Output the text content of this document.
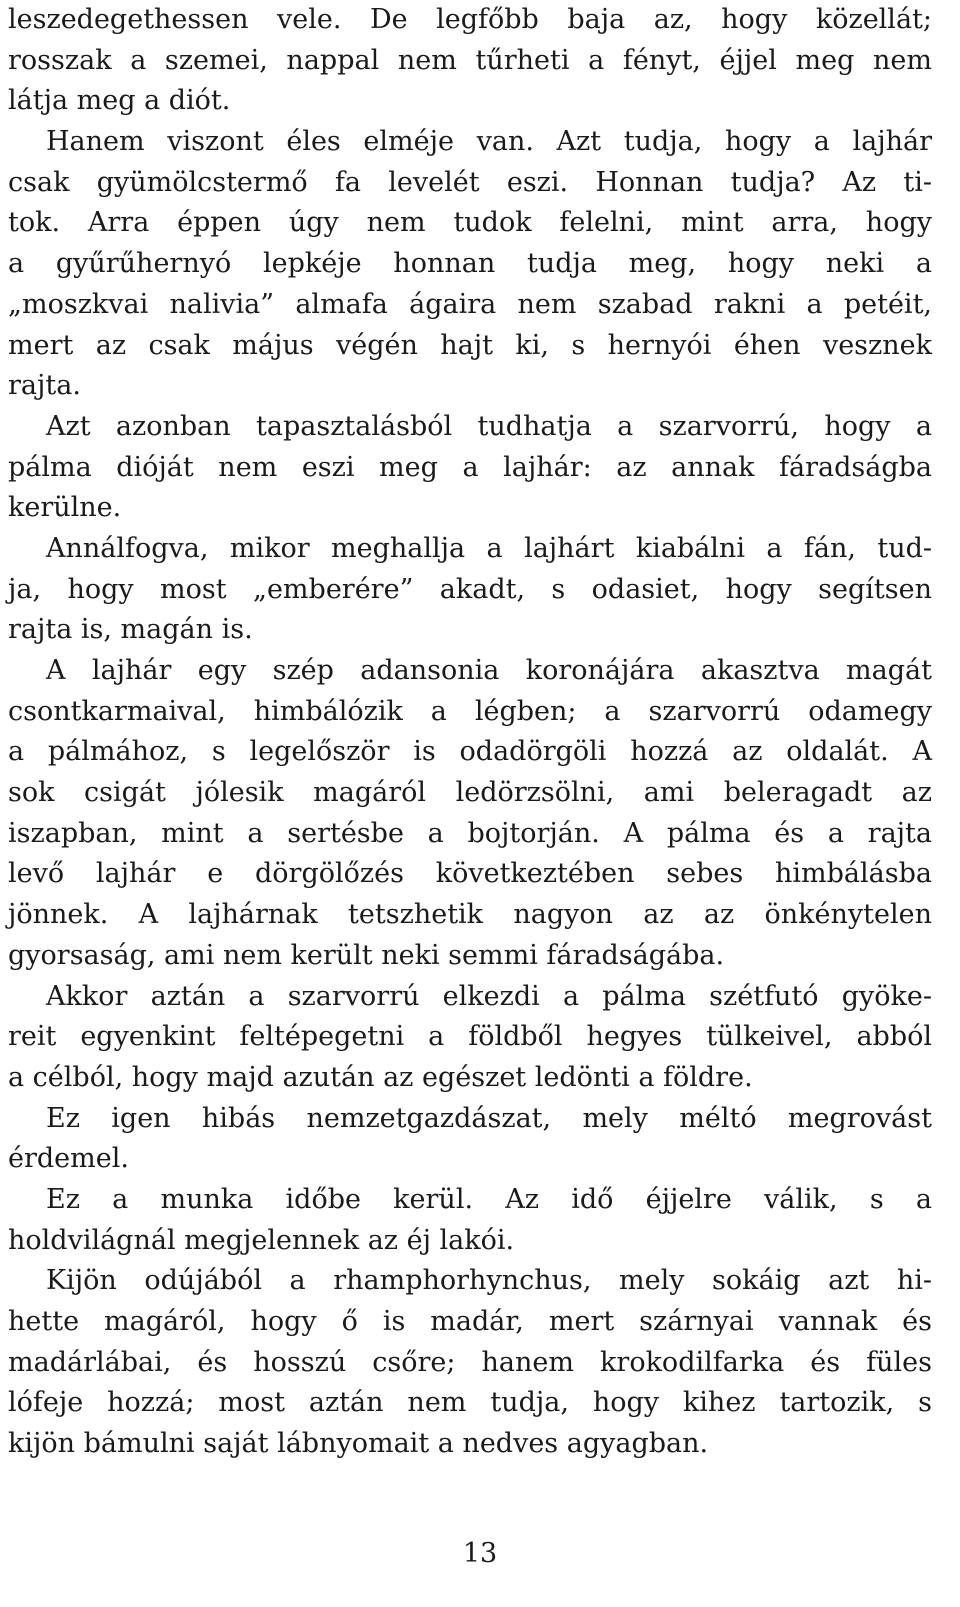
leszedegethessen vele. De legfőbb baja az, hogy közellát;
rosszak a szemei, nappal nem tűrheti a fényt, éjjel meg nem
látja meg a diót.
Hanem viszont éles elméje van. Azt tudja, hogy a lajhár
csak gyümölcstermő fa levelét eszi. Honnan tudja? Az ti-
tok. Arra éppen úgy nem tudok felelni, mint arra, hogy
a gyűrűhernyó lepkéje honnan tudja meg, hogy neki a
„moszkvai nalivia” almafa ágaira nem szabad rakni a petéit,
mert az csak május végén hajt ki, s hernyói éhen vesznek
rajta.
Azt azonban tapasztalásból tudhatja a szarvorrú, hogy a
pálma dióját nem eszi meg a lajhár: az annak fáradságba
kerülne.
Annálfogva, mikor meghallja a lajhárt kiabálni a fán, tud-
ja, hogy most „emberére” akadt, s odasiet, hogy segítsen
rajta is, magán is.
A lajhár egy szép adansonia koronájára akasztva magát
csontkarmaival, himbálózik a légben; a szarvorrú odamegy
a pálmához, s legelőször is odadörgöli hozzá az oldalát. A
sok csigát jólesik magáról ledörzsölni, ami beleragadt az
iszapban, mint a sertésbe a bojtorján. A pálma és a rajta
levő lajhár e dörgölőzés következtében sebes himbálásba
jönnek. A lajhárnak tetszhetik nagyon az az önkénytelen
gyorsaság, ami nem került neki semmi fáradságába.
Akkor aztán a szarvorrú elkezdi a pálma szétfutó gyöke-
reit egyenkint feltépegetni a földből hegyes tülkeivel, abból
a célból, hogy majd azután az egészet ledönti a földre.
Ez igen hibás nemzetgazdászat, mely méltó megrovást
érdemel.
Ez a munka időbe kerül. Az idő éjjelre válik, s a
holdvilágnál megjelennek az éj lakói.
Kijön odújából a rhamphorhynchus, mely sokáig azt hi-
hette magáról, hogy ő is madár, mert szárnyai vannak és
madárlábai, és hosszú csőre; hanem krokodilfarka és füles
lófeje hozzá; most aztán nem tudja, hogy kihez tartozik, s
kijön bámulni saját lábnyomait a nedves agyagban.
13
